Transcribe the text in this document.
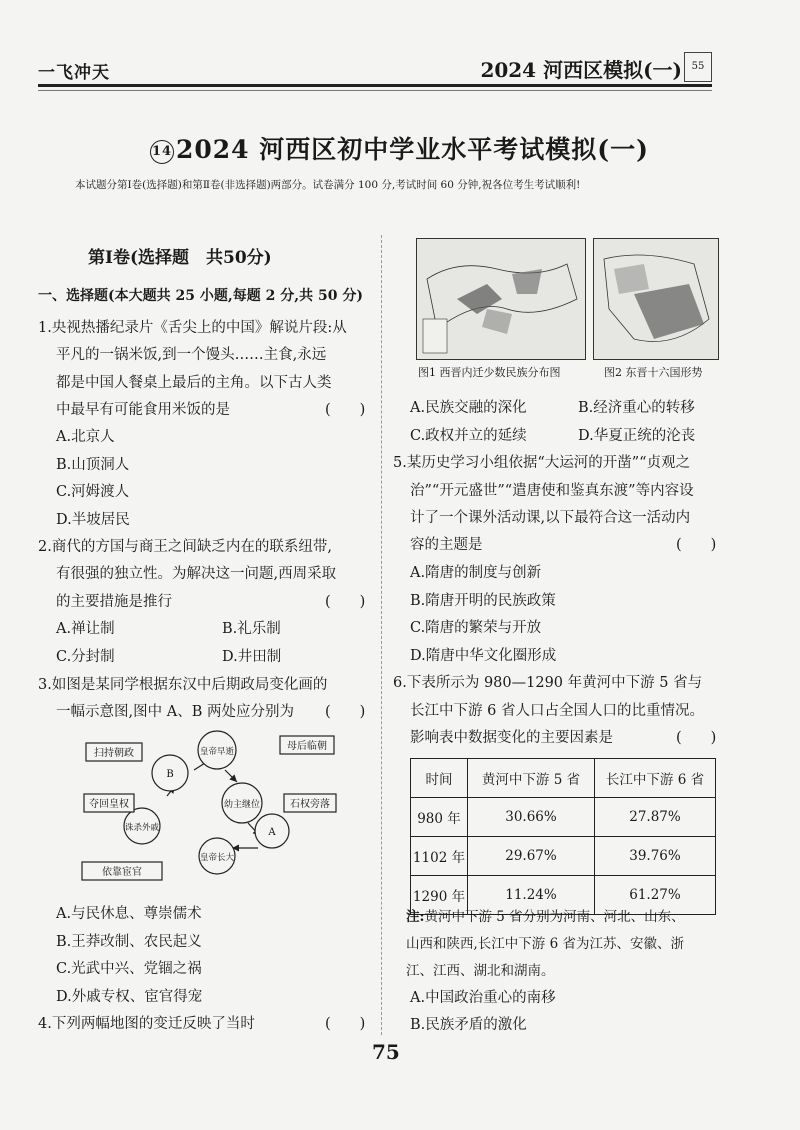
一飞冲天	2024 河西区模拟(一) 55
14 2024 河西区初中学业水平考试模拟(一)
本试题分第Ⅰ卷(选择题)和第Ⅱ卷(非选择题)两部分。试卷满分 100 分,考试时间 60 分钟,祝各位考生考试顺利!
第Ⅰ卷(选择题　共50分)
一、选择题(本大题共 25 小题,每题 2 分,共 50 分)
1.央视热播纪录片《舌尖上的中国》解说片段:从
平凡的一锅米饭,到一个馒头……主食,永远
都是中国人餐桌上最后的主角。以下古人类
中最早有可能食用米饭的是	(　　)
A.北京人
B.山顶洞人
C.河姆渡人
D.半坡居民
2.商代的方国与商王之间缺乏内在的联系纽带,
有很强的独立性。为解决这一问题,西周采取
的主要措施是推行	(　　)
A.禅让制	B.礼乐制
C.分封制	D.井田制
3.如图是某同学根据东汉中后期政局变化画的
一幅示意图,图中 A、B 两处应分别为 (　　)
B
皇帝早逝
幼主继位
A
皇帝长大
诛杀外戚
扫持朝政
母后临朝
石权旁落
夺回皇权
依靠宦官
A.与民休息、尊崇儒术
B.王莽改制、农民起义
C.光武中兴、党锢之祸
D.外戚专权、宦官得宠
4.下列两幅地图的变迁反映了当时	(　　)
图1 西晋内迁少数民族分布图	图2 东晋十六国形势
A.民族交融的深化	B.经济重心的转移
C.政权并立的延续	D.华夏正统的沦丧
5.某历史学习小组依据“大运河的开凿”“贞观之
治”“开元盛世”“遣唐使和鉴真东渡”等内容设
计了一个课外活动课,以下最符合这一活动内
容的主题是	(　　)
A.隋唐的制度与创新
B.隋唐开明的民族政策
C.隋唐的繁荣与开放
D.隋唐中华文化圈形成
6.下表所示为 980—1290 年黄河中下游 5 省与
长江中下游 6 省人口占全国人口的比重情况。
影响表中数据变化的主要因素是	(　　)
时间	黄河中下游 5 省	长江中下游 6 省
980 年	30.66%	27.87%
1102 年	29.67%	39.76%
1290 年	11.24%	61.27%
注:黄河中下游 5 省分别为河南、河北、山东、
山西和陕西,长江中下游 6 省为江苏、安徽、浙
江、江西、湖北和湖南。
A.中国政治重心的南移
B.民族矛盾的激化
75
